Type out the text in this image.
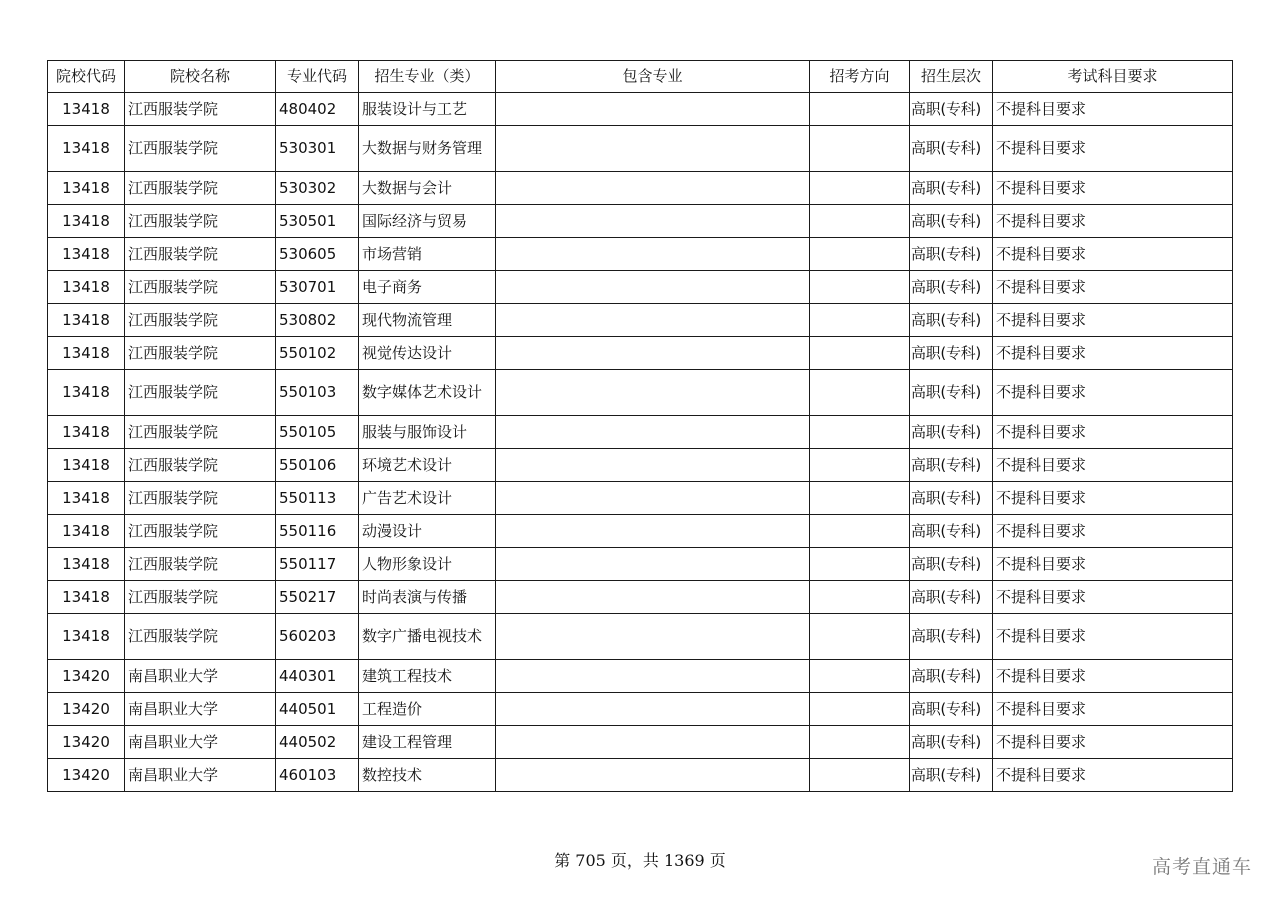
院校代码	院校名称	专业代码	招生专业（类）	包含专业	招考方向	招生层次	考试科目要求
13418	江西服装学院	480402	服装设计与工艺			高职(专科)	不提科目要求
13418	江西服装学院	530301	大数据与财务管理			高职(专科)	不提科目要求
13418	江西服装学院	530302	大数据与会计			高职(专科)	不提科目要求
13418	江西服装学院	530501	国际经济与贸易			高职(专科)	不提科目要求
13418	江西服装学院	530605	市场营销			高职(专科)	不提科目要求
13418	江西服装学院	530701	电子商务			高职(专科)	不提科目要求
13418	江西服装学院	530802	现代物流管理			高职(专科)	不提科目要求
13418	江西服装学院	550102	视觉传达设计			高职(专科)	不提科目要求
13418	江西服装学院	550103	数字媒体艺术设计			高职(专科)	不提科目要求
13418	江西服装学院	550105	服装与服饰设计			高职(专科)	不提科目要求
13418	江西服装学院	550106	环境艺术设计			高职(专科)	不提科目要求
13418	江西服装学院	550113	广告艺术设计			高职(专科)	不提科目要求
13418	江西服装学院	550116	动漫设计			高职(专科)	不提科目要求
13418	江西服装学院	550117	人物形象设计			高职(专科)	不提科目要求
13418	江西服装学院	550217	时尚表演与传播			高职(专科)	不提科目要求
13418	江西服装学院	560203	数字广播电视技术			高职(专科)	不提科目要求
13420	南昌职业大学	440301	建筑工程技术			高职(专科)	不提科目要求
13420	南昌职业大学	440501	工程造价			高职(专科)	不提科目要求
13420	南昌职业大学	440502	建设工程管理			高职(专科)	不提科目要求
13420	南昌职业大学	460103	数控技术			高职(专科)	不提科目要求
第 705 页，共 1369 页	高考直通车
